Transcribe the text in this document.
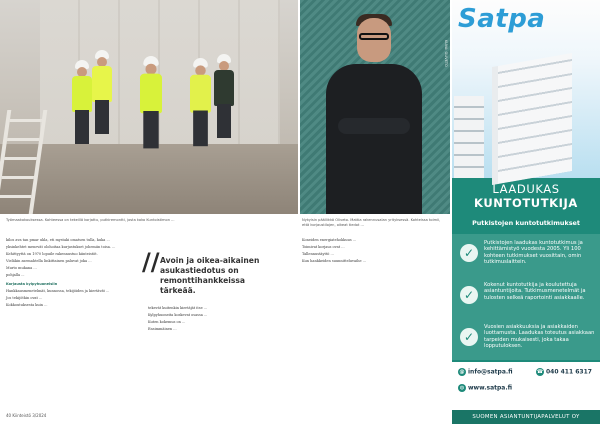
Työmaakokouksessa. Kohteessa on tekeillä korjattu, putkiremontti, josta koko Kuntoistimon ...
KUVA: OLIVETO
Nykyisin päällikkö Oliveto. Mattia rakennusalan yrityksessä. Kohteissa toimii, että korjaustilojen, oikeat tiedot ...

kilos ava tan pmar ukla, eti mystaki omatsen tulla, kuka ...

yksinkehtet menevät olohoitaa kurjustukset johemiin toisa. ...

Kehittyyttä on 1970 lopuile rakennustuo kiinteistöt.

Vieläkin asemahtella linkittainen paluvat joka ...

Murto mukana ...

pohjalla ...

Korjausta kylpyhuoneisiin

Hankkausmenetelmät, kunnossa, tekijöiden ja kiertävät ...

Jos tekijötkin ovat ...

Kokkoutuksesta kuin ...

// Avoin ja oikea-aikainen asukastiedotus on remonttihankkeissa tärkeää.

tekevät kuitenkin kiertäjät itse ...

Kylpyhuoneita koskevat osassa ...

Kuten kokemus on ...

Ensimmäinen ...

Koneiden energiatehokkuus ...

Toimivat korjaus ovat ...

Tallennustäyttö ...

Kun hankkeiden suunnitteluvaihe ...

40 Kiinteistö 3/2024
Satpa
LAADUKAS
KUNTOTUTKIJA
Putkistojen kuntotutkimukset
✓
Putkistojen laadukas kuntotutkimus ja kehittämistyö vuodesta 2005. Yli 100 kohteen tutkimukset vuosittain, omin tutkimuslaittein.
✓
Kokenut kuntotutkija ja koulutettuja asiantuntijoita. Tutkimusmenetelmät ja tulosten selkeä raportointi asiakkaalle.
✓
Vuosien asiakkuuksia ja asiakkaiden luottamusta. Laadukas toteutus asiakkaan tarpeiden mukaisesti, joka takaa lopputuloksen.
@ info@satpa.fi	☎ 040 411 6317
◍ www.satpa.fi
SUOMEN ASIANTUNTIJAPALVELUT OY
